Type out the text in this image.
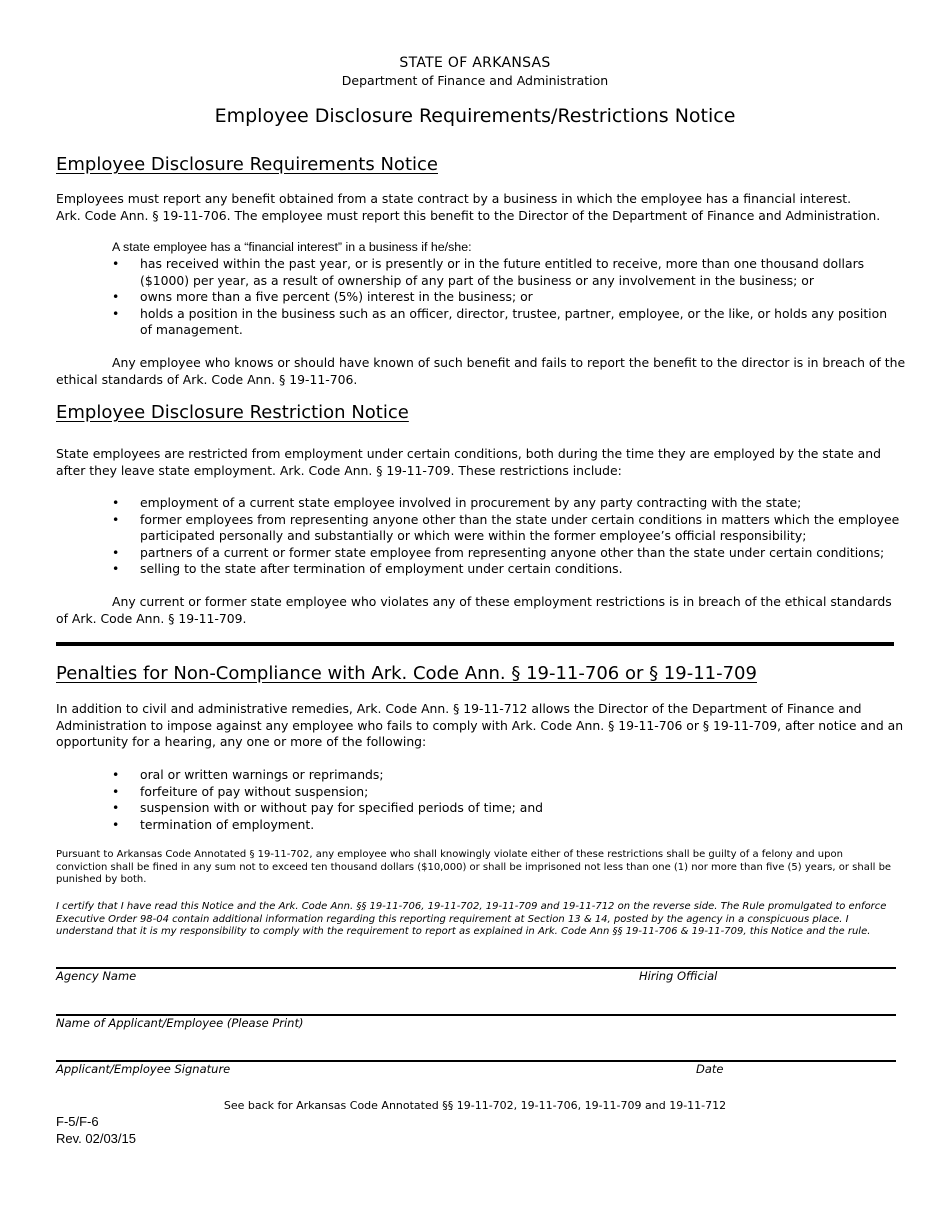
STATE OF ARKANSAS
Department of Finance and Administration
Employee Disclosure Requirements/Restrictions Notice
Employee Disclosure Requirements Notice
Employees must report any benefit obtained from a state contract by a business in which the employee has a financial interest.
Ark. Code Ann. § 19-11-706. The employee must report this benefit to the Director of the Department of Finance and Administration.
A state employee has a “financial interest” in a business if he/she:
• has received within the past year, or is presently or in the future entitled to receive, more than one thousand dollars ($1000) per year, as a result of ownership of any part of the business or any involvement in the business; or
• owns more than a five percent (5%) interest in the business; or
• holds a position in the business such as an officer, director, trustee, partner, employee, or the like, or holds any position of management.

Any employee who knows or should have known of such benefit and fails to report the benefit to the director is in breach of the ethical standards of Ark. Code Ann. § 19-11-706.

Employee Disclosure Restriction Notice

State employees are restricted from employment under certain conditions, both during the time they are employed by the state and after they leave state employment. Ark. Code Ann. § 19-11-709. These restrictions include:

• employment of a current state employee involved in procurement by any party contracting with the state;
• former employees from representing anyone other than the state under certain conditions in matters which the employee participated personally and substantially or which were within the former employee’s official responsibility;
• partners of a current or former state employee from representing anyone other than the state under certain conditions;
• selling to the state after termination of employment under certain conditions.

Any current or former state employee who violates any of these employment restrictions is in breach of the ethical standards of Ark. Code Ann. § 19-11-709.

Penalties for Non-Compliance with Ark. Code Ann. § 19-11-706 or § 19-11-709

In addition to civil and administrative remedies, Ark. Code Ann. § 19-11-712 allows the Director of the Department of Finance and Administration to impose against any employee who fails to comply with Ark. Code Ann. § 19-11-706 or § 19-11-709, after notice and an opportunity for a hearing, any one or more of the following:

• oral or written warnings or reprimands;
• forfeiture of pay without suspension;
• suspension with or without pay for specified periods of time; and
• termination of employment.

Pursuant to Arkansas Code Annotated § 19-11-702, any employee who shall knowingly violate either of these restrictions shall be guilty of a felony and upon conviction shall be fined in any sum not to exceed ten thousand dollars ($10,000) or shall be imprisoned not less than one (1) nor more than five (5) years, or shall be punished by both.

I certify that I have read this Notice and the Ark. Code Ann. §§ 19-11-706, 19-11-702, 19-11-709 and 19-11-712 on the reverse side. The Rule promulgated to enforce Executive Order 98-04 contain additional information regarding this reporting requirement at Section 13 & 14, posted by the agency in a conspicuous place. I understand that it is my responsibility to comply with the requirement to report as explained in Ark. Code Ann §§ 19-11-706 & 19-11-709, this Notice and the rule.

Agency Name	Hiring Official
Name of Applicant/Employee (Please Print)
Applicant/Employee Signature	Date
See back for Arkansas Code Annotated §§ 19-11-702, 19-11-706, 19-11-709 and 19-11-712
F-5/F-6
Rev. 02/03/15
